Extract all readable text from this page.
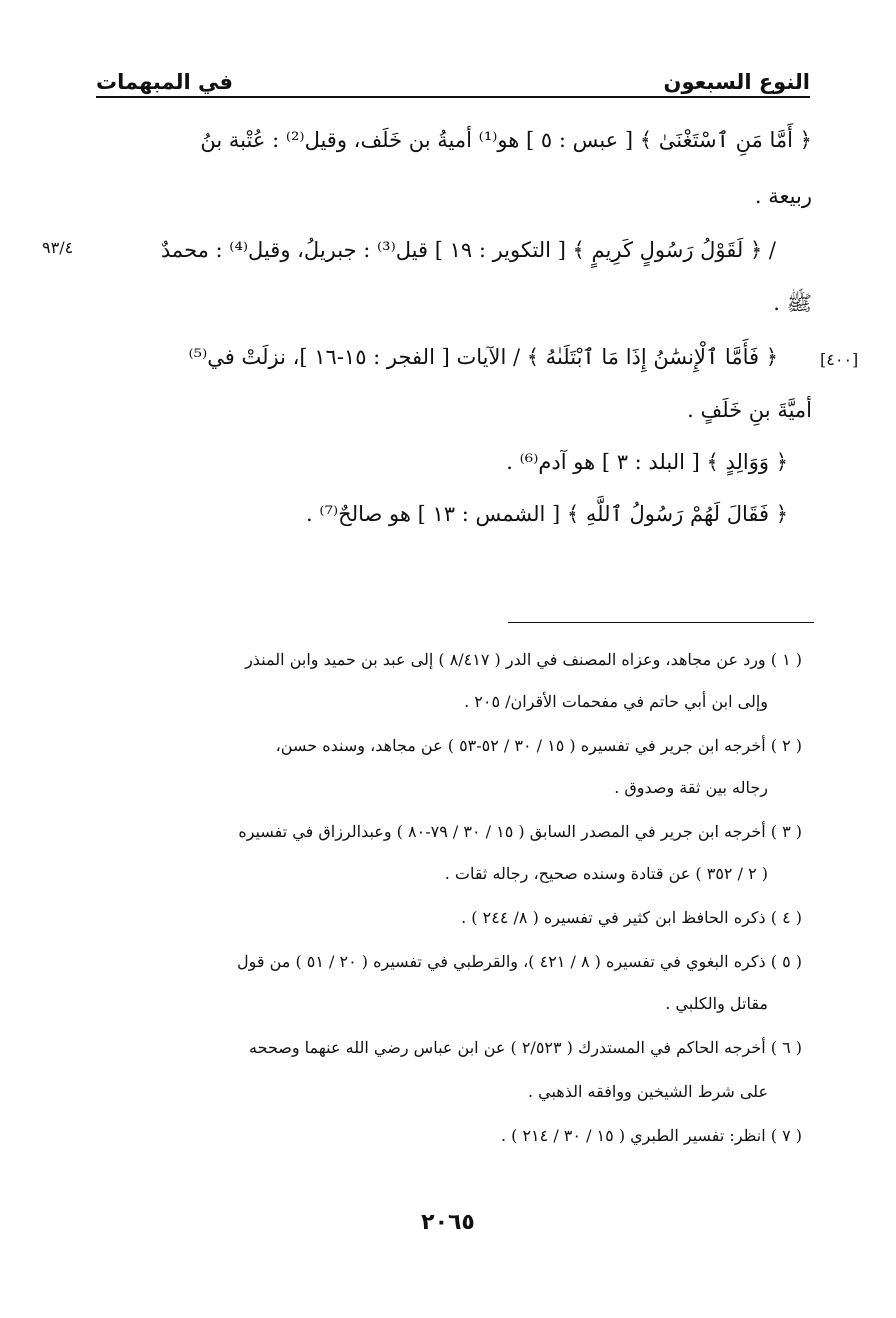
النوع السبعون
في المبهمات
٩٣/٤
[٤٠٠]
﴿ أَمَّا مَنِ ٱسْتَغْنَىٰ ﴾ [ عبس : ٥ ] هو⁽¹⁾ أميةُ بن خَلَف، وقيل⁽²⁾ : عُتْبة بنُ
ربيعة .
/ ﴿ لَقَوْلُ رَسُولٍ كَرِيمٍ ﴾ [ التكوير : ١٩ ] قيل⁽³⁾ : جبريلُ، وقيل⁽⁴⁾ : محمدٌ
ﷺ .
﴿ فَأَمَّا ٱلْإِنسَٰنُ إِذَا مَا ٱبْتَلَىٰهُ ﴾ / الآيات [ الفجر : ١٥-١٦ ]، نزلَتْ في⁽⁵⁾
أميَّةَ بنِ خَلَفٍ .
﴿ وَوَالِدٍ ﴾ [ البلد : ٣ ] هو آدم⁽⁶⁾ .
﴿ فَقَالَ لَهُمْ رَسُولُ ٱللَّهِ ﴾ [ الشمس : ١٣ ] هو صالحٌ⁽⁷⁾ .
( ١ ) ورد عن مجاهد، وعزاه المصنف في الدر ( ٨/٤١٧ ) إلى عبد بن حميد وابن المنذر
وإلى ابن أبي حاتم في مفحمات الأقران/ ٢٠٥ .
( ٢ ) أخرجه ابن جرير في تفسيره ( ١٥ / ٣٠ / ٥٢-٥٣ ) عن مجاهد، وسنده حسن،
رجاله بين ثقة وصدوق .
( ٣ ) أخرجه ابن جرير في المصدر السابق ( ١٥ / ٣٠ / ٧٩-٨٠ ) وعبدالرزاق في تفسيره
( ٢ / ٣٥٢ ) عن قتادة وسنده صحيح، رجاله ثقات .
( ٤ ) ذكره الحافظ ابن كثير في تفسيره ( ٨/ ٢٤٤ ) .
( ٥ ) ذكره البغوي في تفسيره ( ٨ / ٤٢١ )، والقرطبي في تفسيره ( ٢٠ / ٥١ ) من قول
مقاتل والكلبي .
( ٦ ) أخرجه الحاكم في المستدرك ( ٢/٥٢٣ ) عن ابن عباس رضي الله عنهما وصححه
على شرط الشيخين ووافقه الذهبي .
( ٧ ) انظر: تفسير الطبري ( ١٥ / ٣٠ / ٢١٤ ) .
٢٠٦٥
